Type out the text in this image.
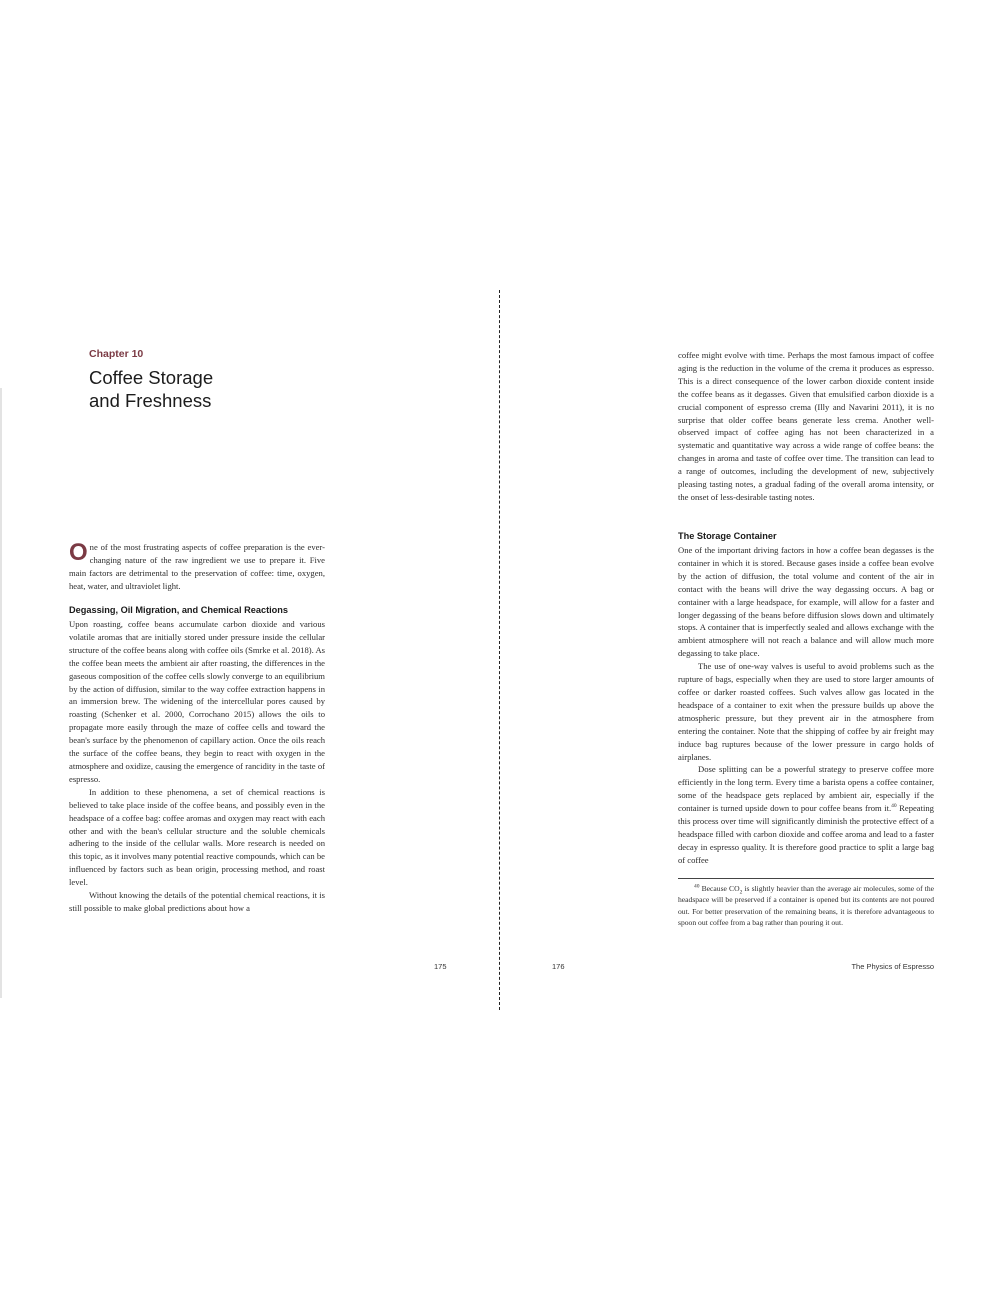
Chapter 10
Coffee Storage
and Freshness
One of the most frustrating aspects of coffee preparation is the ever-changing nature of the raw ingredient we use to prepare it. Five main factors are detrimental to the preservation of coffee: time, oxygen, heat, water, and ultraviolet light.
Degassing, Oil Migration, and Chemical Reactions

Upon roasting, coffee beans accumulate carbon dioxide and various volatile aromas that are initially stored under pressure inside the cellular structure of the coffee beans along with coffee oils (Smrke et al. 2018). As the coffee bean meets the ambient air after roasting, the differences in the gaseous composition of the coffee cells slowly converge to an equilibrium by the action of diffusion, similar to the way coffee extraction happens in an immersion brew. The widening of the intercellular pores caused by roasting (Schenker et al. 2000, Corrochano 2015) allows the oils to propagate more easily through the maze of coffee cells and toward the bean's surface by the phenomenon of capillary action. Once the oils reach the surface of the coffee beans, they begin to react with oxygen in the atmosphere and oxidize, causing the emergence of rancidity in the taste of espresso.

In addition to these phenomena, a set of chemical reactions is believed to take place inside of the coffee beans, and possibly even in the headspace of a coffee bag: coffee aromas and oxygen may react with each other and with the bean's cellular structure and the soluble chemicals adhering to the inside of the cellular walls. More research is needed on this topic, as it involves many potential reactive compounds, which can be influenced by factors such as bean origin, processing method, and roast level.

Without knowing the details of the potential chemical reactions, it is still possible to make global predictions about how a

175

coffee might evolve with time. Perhaps the most famous impact of coffee aging is the reduction in the volume of the crema it produces as espresso. This is a direct consequence of the lower carbon dioxide content inside the coffee beans as it degasses. Given that emulsified carbon dioxide is a crucial component of espresso crema (Illy and Navarini 2011), it is no surprise that older coffee beans generate less crema. Another well-observed impact of coffee aging has not been characterized in a systematic and quantitative way across a wide range of coffee beans: the changes in aroma and taste of coffee over time. The transition can lead to a range of outcomes, including the development of new, subjectively pleasing tasting notes, a gradual fading of the overall aroma intensity, or the onset of less-desirable tasting notes.

The Storage Container

One of the important driving factors in how a coffee bean degasses is the container in which it is stored. Because gases inside a coffee bean evolve by the action of diffusion, the total volume and content of the air in contact with the beans will drive the way degassing occurs. A bag or container with a large headspace, for example, will allow for a faster and longer degassing of the beans before diffusion slows down and ultimately stops. A container that is imperfectly sealed and allows exchange with the ambient atmosphere will not reach a balance and will allow much more degassing to take place.

The use of one-way valves is useful to avoid problems such as the rupture of bags, especially when they are used to store larger amounts of coffee or darker roasted coffees. Such valves allow gas located in the headspace of a container to exit when the pressure builds up above the atmospheric pressure, but they prevent air in the atmosphere from entering the container. Note that the shipping of coffee by air freight may induce bag ruptures because of the lower pressure in cargo holds of airplanes.

Dose splitting can be a powerful strategy to preserve coffee more efficiently in the long term. Every time a barista opens a coffee container, some of the headspace gets replaced by ambient air, especially if the container is turned upside down to pour coffee beans from it.$^{40}$ Repeating this process over time will significantly diminish the protective effect of a headspace filled with carbon dioxide and coffee aroma and lead to a faster decay in espresso quality. It is therefore good practice to split a large bag of coffee

$^{40}$ Because $CO_2$ is slightly heavier than the average air molecules, some of the headspace will be preserved if a container is opened but its contents are not poured out. For better preservation of the remaining beans, it is therefore advantageous to spoon out coffee from a bag rather than pouring it out.
176	The Physics of Espresso
